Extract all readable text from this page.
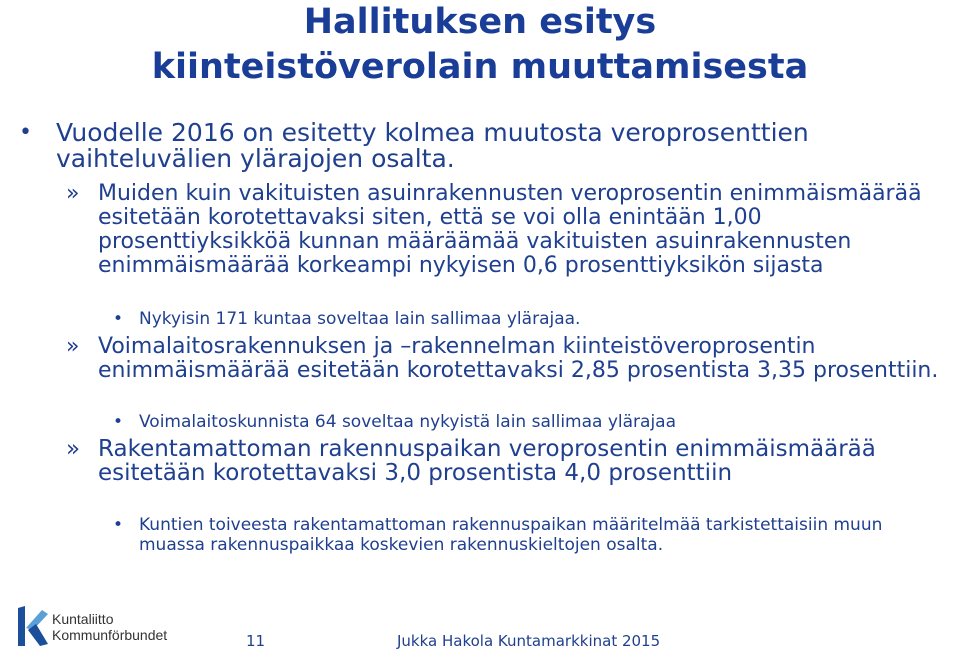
Hallituksen esitys
kiinteistöverolain muuttamisesta
• Vuodelle 2016 on esitetty kolmea muutosta veroprosenttien vaihteluvälien ylärajojen osalta.
» Muiden kuin vakituisten asuinrakennusten veroprosentin enimmäismäärää esitetään korotettavaksi siten, että se voi olla enintään 1,00 prosenttiyksikköä kunnan määräämää vakituisten asuinrakennusten enimmäismäärää korkeampi nykyisen 0,6 prosenttiyksikön sijasta
• Nykyisin 171 kuntaa soveltaa lain sallimaa ylärajaa.
» Voimalaitosrakennuksen ja –rakennelman kiinteistöveroprosentin enimmäismäärää esitetään korotettavaksi 2,85 prosentista 3,35 prosenttiin.
• Voimalaitoskunnista 64 soveltaa nykyistä lain sallimaa ylärajaa
» Rakentamattoman rakennuspaikan veroprosentin enimmäismäärää esitetään korotettavaksi 3,0 prosentista 4,0 prosenttiin
• Kuntien toiveesta rakentamattoman rakennuspaikan määritelmää tarkistettaisiin muun muassa rakennuspaikkaa koskevien rakennuskieltojen osalta.
Kuntaliitto
Kommunförbundet	11	Jukka Hakola Kuntamarkkinat 2015
